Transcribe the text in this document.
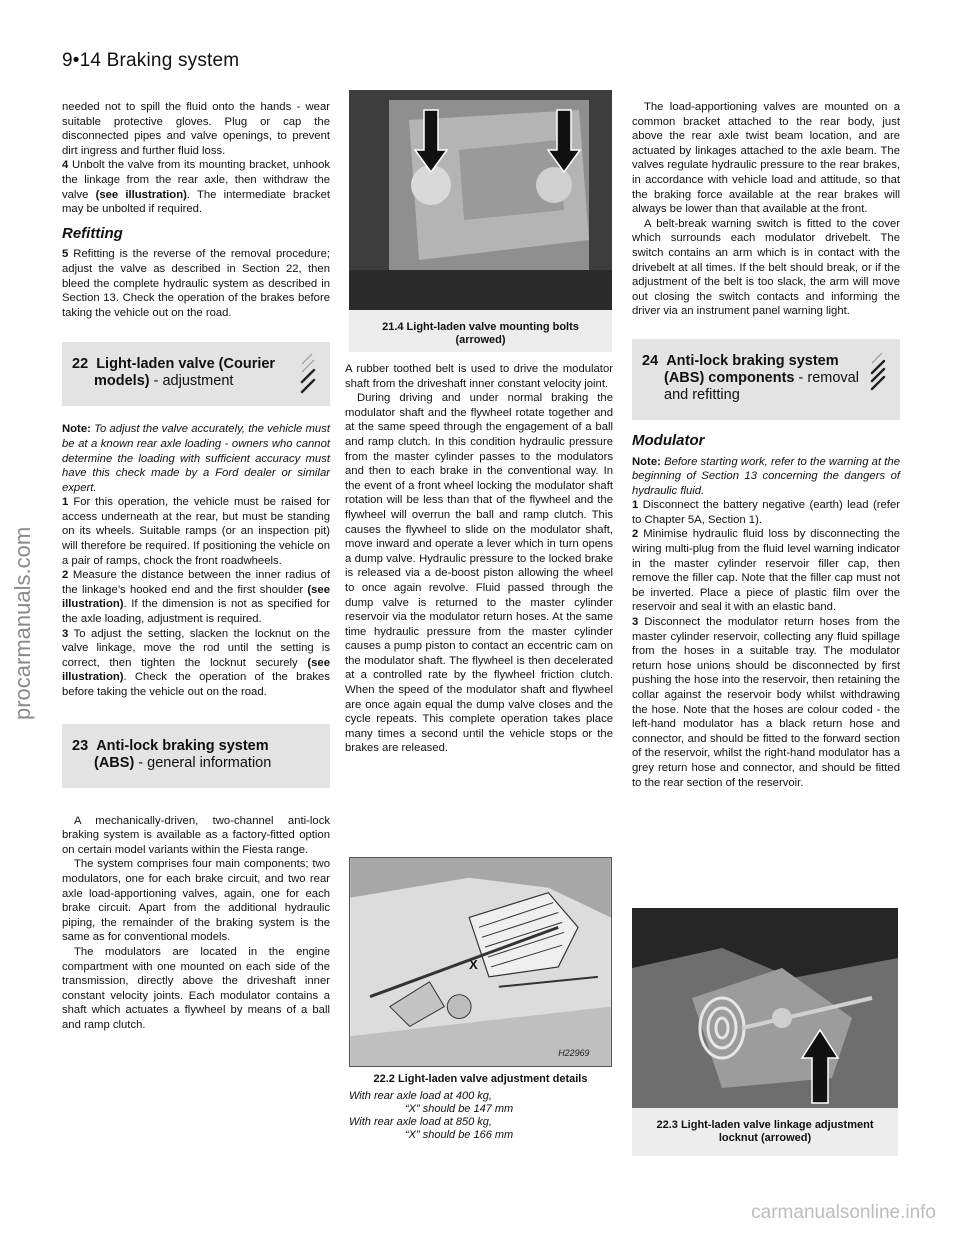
9•14 Braking system
procarmanuals.com

needed not to spill the fluid onto the hands - wear suitable protective gloves. Plug or cap the disconnected pipes and valve openings, to prevent dirt ingress and further fluid loss.

4 Unbolt the valve from its mounting bracket, unhook the linkage from the rear axle, then withdraw the valve (see illustration). The intermediate bracket may be unbolted if required.

Refitting

5 Refitting is the reverse of the removal procedure; adjust the valve as described in Section 22, then bleed the complete hydraulic system as described in Section 13. Check the operation of the brakes before taking the vehicle out on the road.

22 Light-laden valve (Courier
models) - adjustment

Note: To adjust the valve accurately, the vehicle must be at a known rear axle loading - owners who cannot determine the loading with sufficient accuracy must have this check made by a Ford dealer or similar expert.

1 For this operation, the vehicle must be raised for access underneath at the rear, but must be standing on its wheels. Suitable ramps (or an inspection pit) will therefore be required. If positioning the vehicle on a pair of ramps, chock the front roadwheels.

2 Measure the distance between the inner radius of the linkage’s hooked end and the first shoulder (see illustration). If the dimension is not as specified for the axle loading, adjustment is required.

3 To adjust the setting, slacken the locknut on the valve linkage, move the rod until the setting is correct, then tighten the locknut securely (see illustration). Check the operation of the brakes before taking the vehicle out on the road.

23 Anti-lock braking system
(ABS) - general information

A mechanically-driven, two-channel anti-lock braking system is available as a factory-fitted option on certain model variants within the Fiesta range.

The system comprises four main components; two modulators, one for each brake circuit, and two rear axle load-apportioning valves, again, one for each brake circuit. Apart from the additional hydraulic piping, the remainder of the braking system is the same as for conventional models.

The modulators are located in the engine compartment with one mounted on each side of the transmission, directly above the driveshaft inner constant velocity joints. Each modulator contains a shaft which actuates a flywheel by means of a ball and ramp clutch.

A rubber toothed belt is used to drive the modulator shaft from the driveshaft inner constant velocity joint.

During driving and under normal braking the modulator shaft and the flywheel rotate together and at the same speed through the engagement of a ball and ramp clutch. In this condition hydraulic pressure from the master cylinder passes to the modulators and then to each brake in the conventional way. In the event of a front wheel locking the modulator shaft rotation will be less than that of the flywheel and the flywheel will overrun the ball and ramp clutch. This causes the flywheel to slide on the modulator shaft, move inward and operate a lever which in turn opens a dump valve. Hydraulic pressure to the locked brake is released via a de-boost piston allowing the wheel to once again revolve. Fluid passed through the dump valve is returned to the master cylinder reservoir via the modulator return hoses. At the same time hydraulic pressure from the master cylinder causes a pump piston to contact an eccentric cam on the modulator shaft. The flywheel is then decelerated at a controlled rate by the flywheel friction clutch. When the speed of the modulator shaft and flywheel are once again equal the dump valve closes and the cycle repeats. This complete operation takes place many times a second until the vehicle stops or the brakes are released.

21.4 Light-laden valve mounting bolts (arrowed)
X
H22969
22.2 Light-laden valve adjustment details
With rear axle load at 400 kg,
“X” should be 147 mm
With rear axle load at 850 kg,
“X” should be 166 mm

The load-apportioning valves are mounted on a common bracket attached to the rear body, just above the rear axle twist beam location, and are actuated by linkages attached to the axle beam. The valves regulate hydraulic pressure to the rear brakes, in accordance with vehicle load and attitude, so that the braking force available at the rear brakes will always be lower than that available at the front.

A belt-break warning switch is fitted to the cover which surrounds each modulator drivebelt. The switch contains an arm which is in contact with the drivebelt at all times. If the belt should break, or if the adjustment of the belt is too slack, the arm will move out closing the switch contacts and informing the driver via an instrument panel warning light.

24 Anti-lock braking system
(ABS) components - removal
and refitting
Modulator

Note: Before starting work, refer to the warning at the beginning of Section 13 concerning the dangers of hydraulic fluid.

1 Disconnect the battery negative (earth) lead (refer to Chapter 5A, Section 1).

2 Minimise hydraulic fluid loss by disconnecting the wiring multi-plug from the fluid level warning indicator in the master cylinder reservoir filler cap, then remove the filler cap. Note that the filler cap must not be inverted. Place a piece of plastic film over the reservoir and seal it with an elastic band.

3 Disconnect the modulator return hoses from the master cylinder reservoir, collecting any fluid spillage from the hoses in a suitable tray. The modulator return hose unions should be disconnected by first pushing the hose into the reservoir, then retaining the collar against the reservoir body whilst withdrawing the hose. Note that the hoses are colour coded - the left-hand modulator has a black return hose and connector, and should be fitted to the forward section of the reservoir, whilst the right-hand modulator has a grey return hose and connector, and should be fitted to the rear section of the reservoir.

22.3 Light-laden valve linkage adjustment locknut (arrowed)
carmanualsonline.info
